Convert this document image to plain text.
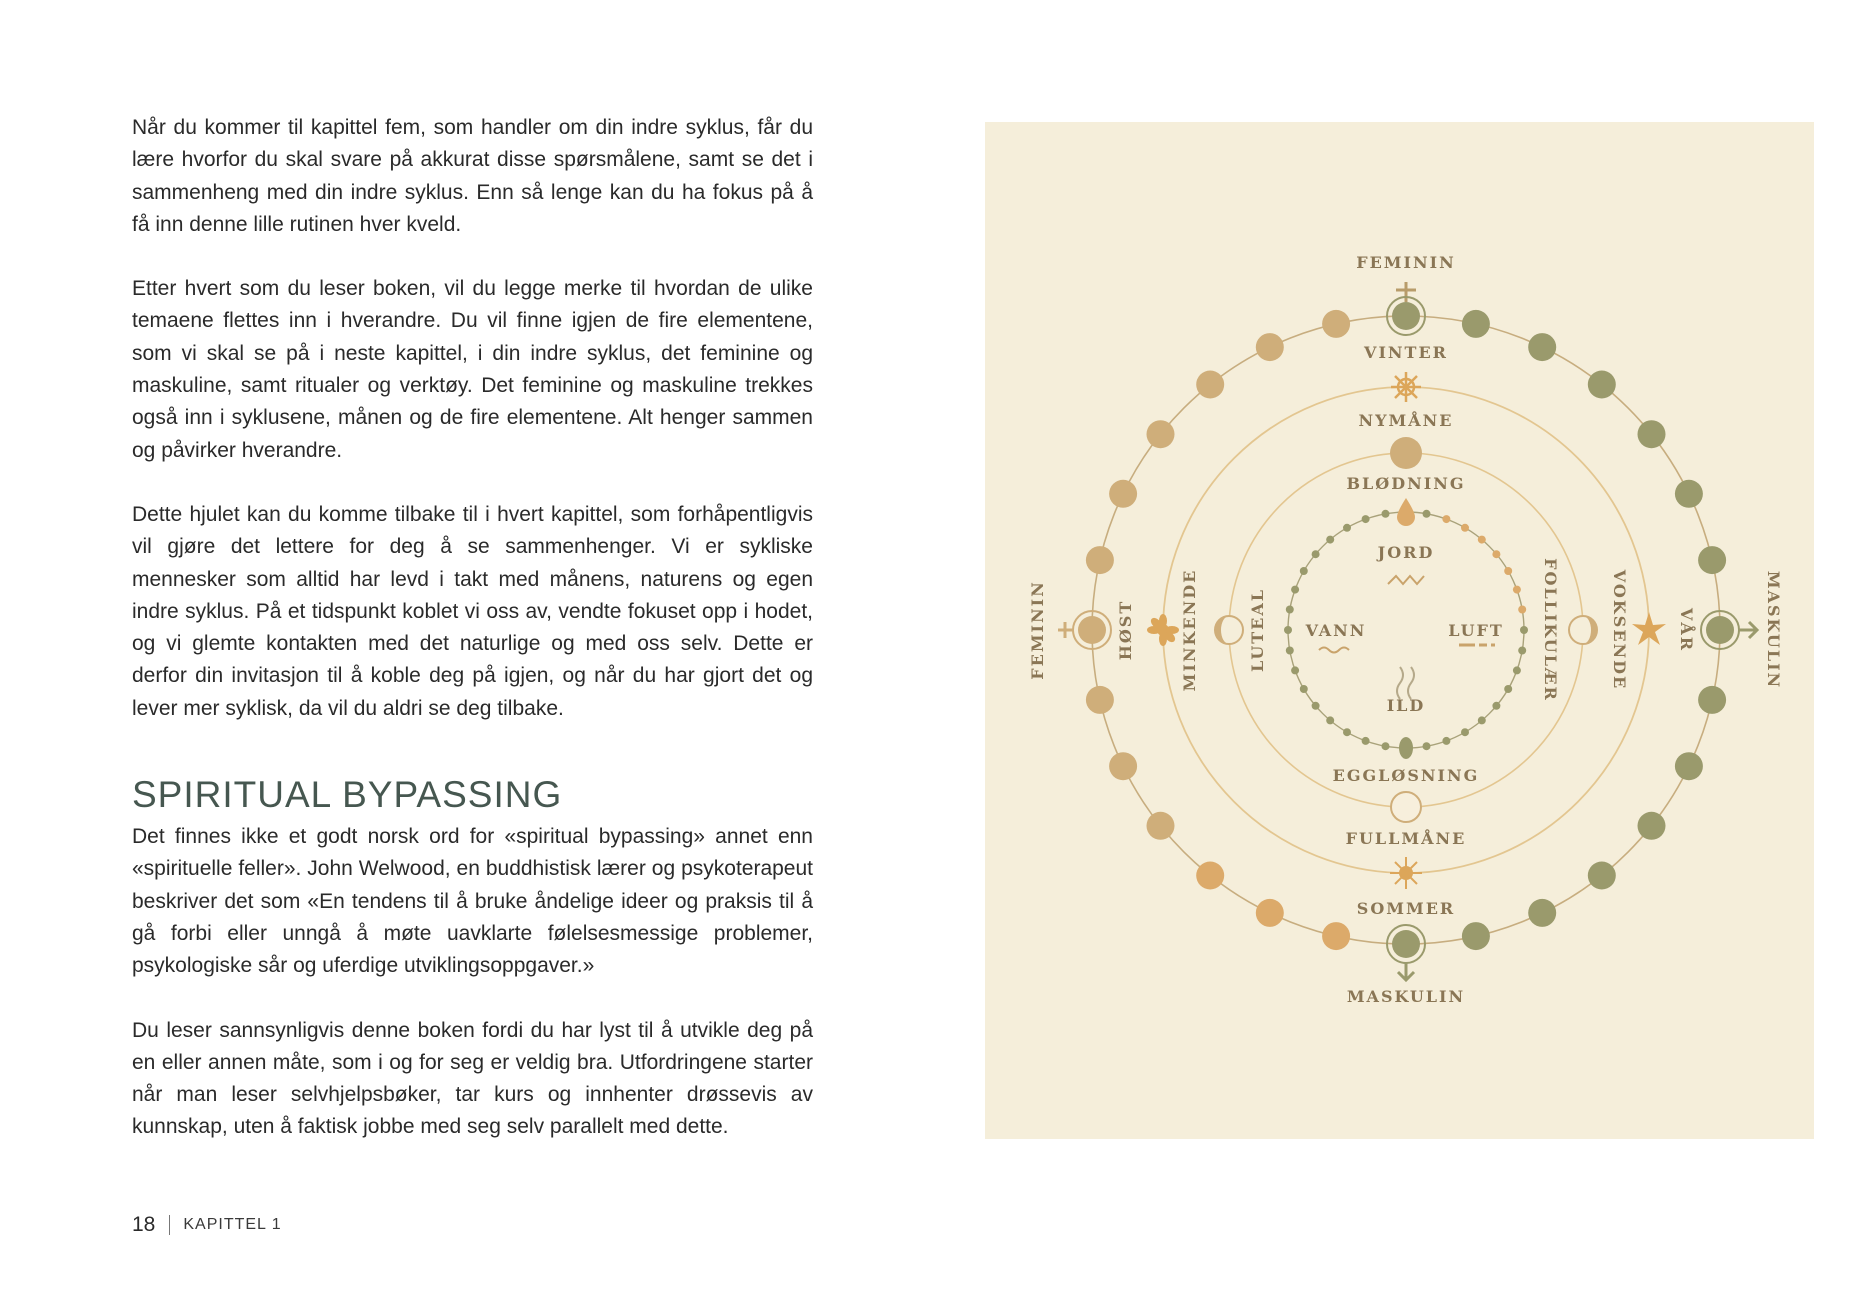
Når du kommer til kapittel fem, som handler om din indre syklus, får du lære hvorfor du skal svare på akkurat disse spørsmålene, samt se det i sammenheng med din indre syklus. Enn så lenge kan du ha fokus på å få inn denne lille rutinen hver kveld.

Etter hvert som du leser boken, vil du legge merke til hvordan de ulike temaene flettes inn i hverandre. Du vil finne igjen de fire elementene, som vi skal se på i neste kapittel, i din indre syklus, det feminine og maskuline, samt ritualer og verktøy. Det feminine og maskuline trekkes også inn i syklusene, månen og de fire elementene. Alt henger sammen og påvirker hverandre.

Dette hjulet kan du komme tilbake til i hvert kapittel, som forhåpentligvis vil gjøre det lettere for deg å se sammenhenger. Vi er sykliske mennesker som alltid har levd i takt med månens, naturens og egen indre syklus. På et tidspunkt koblet vi oss av, vendte fokuset opp i hodet, og vi glemte kontakten med det naturlige og med oss selv. Dette er derfor din invitasjon til å koble deg på igjen, og når du har gjort det og lever mer syklisk, da vil du aldri se deg tilbake.

SPIRITUAL BYPASSING

Det finnes ikke et godt norsk ord for «spiritual bypassing» annet enn «spirituelle feller». John Welwood, en buddhistisk lærer og psykoterapeut beskriver det som «En tendens til å bruke åndelige ideer og praksis til å gå forbi eller unngå å møte uavklarte følelsesmessige problemer, psykologiske sår og uferdige utviklingsoppgaver.»

Du leser sannsynligvis denne boken fordi du har lyst til å utvikle deg på en eller annen måte, som i og for seg er veldig bra. Utfordringene starter når man leser selvhjelpsbøker, tar kurs og innhenter drøssevis av kunnskap, uten å faktisk jobbe med seg selv parallelt med dette.

18 KAPITTEL 1
FEMININ
MASKULIN
FEMININ	MASKULIN
VINTER
SOMMER
HØST	VÅR
NYMÅNE
FULLMÅNE
MINKENDE	VOKSENDE
BLØDNING
EGGLØSNING
LUTEAL	FOLLIKULÆR
JORD
ILD
VANN	LUFT
